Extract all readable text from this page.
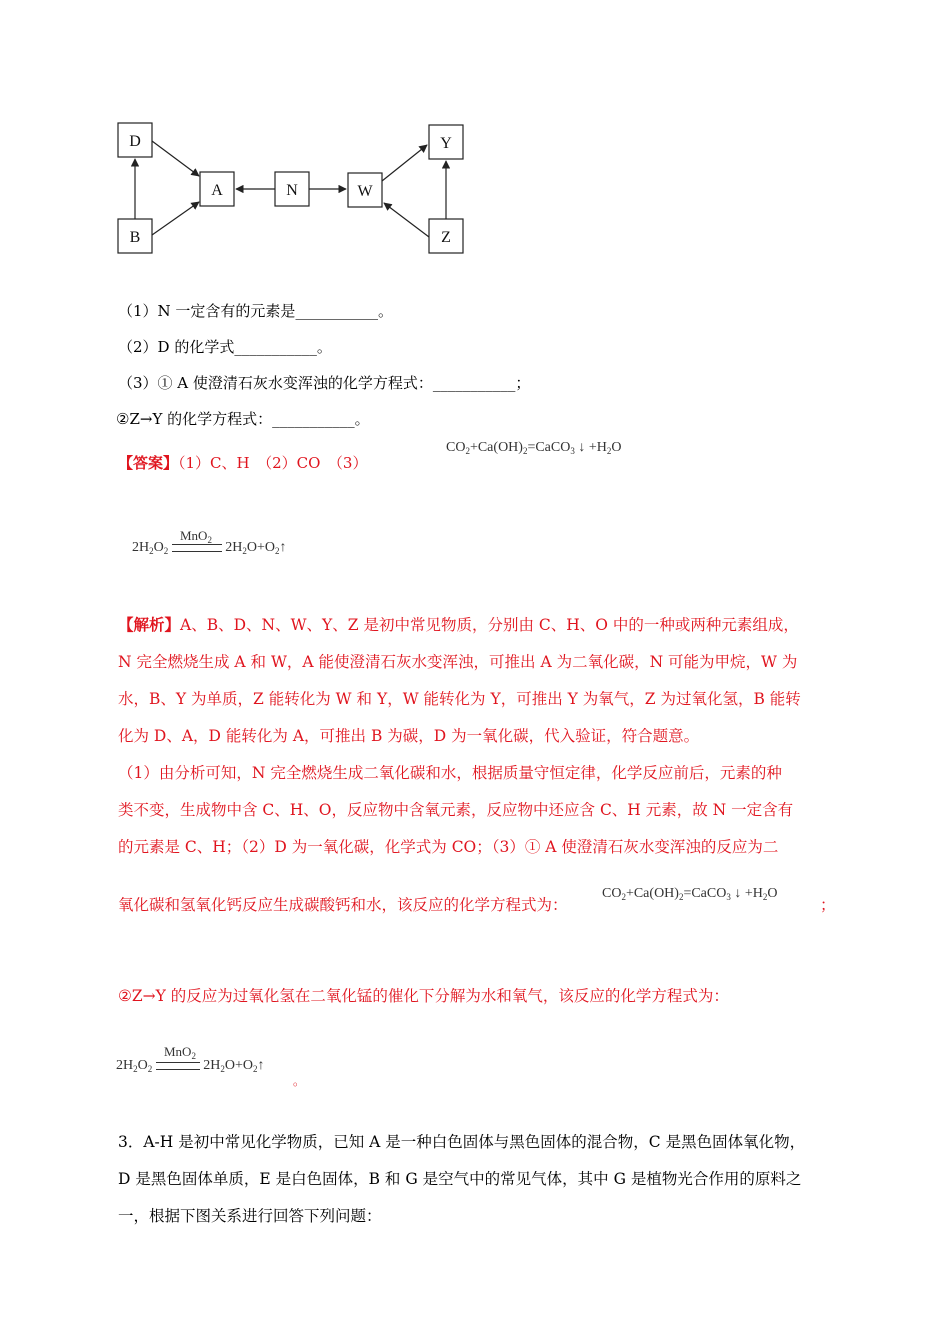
D
B
A	N	W
Y
Z
（1）N 一定含有的元素是___________。
（2）D 的化学式___________。
（3）① A 使澄清石灰水变浑浊的化学方程式：___________；
②Z→Y 的化学方程式：___________。
【答案】（1）C、H　（2）CO　（3）
$CO_2+Ca(OH)_2=CaCO_3$ ↓ $+H_2O$
MnO$_2$
$2H_2O_2$	$2H_2O+O_2↑$
【解析】A、B、D、N、W、Y、Z 是初中常见物质，分别由 C、H、O 中的一种或两种元素组成，
N 完全燃烧生成 A 和 W，A 能使澄清石灰水变浑浊，可推出 A 为二氧化碳，N 可能为甲烷，W 为
水，B、Y 为单质，Z 能转化为 W 和 Y，W 能转化为 Y，可推出 Y 为氧气，Z 为过氧化氢，B 能转
化为 D、A，D 能转化为 A，可推出 B 为碳，D 为一氧化碳，代入验证，符合题意。
（1）由分析可知，N 完全燃烧生成二氧化碳和水，根据质量守恒定律，化学反应前后，元素的种
类不变，生成物中含 C、H、O，反应物中含氧元素，反应物中还应含 C、H 元素，故 N 一定含有
的元素是 C、H；（2）D 为一氧化碳，化学式为 CO；（3）① A 使澄清石灰水变浑浊的反应为二
氧化碳和氢氧化钙反应生成碳酸钙和水，该反应的化学方程式为：
$CO_2+Ca(OH)_2=CaCO_3$ ↓ $+H_2O$
；
②Z→Y 的反应为过氧化氢在二氧化锰的催化下分解为水和氧气，该反应的化学方程式为：
MnO$_2$
$2H_2O_2$	$2H_2O+O_2↑$
。
3．A-H 是初中常见化学物质，已知 A 是一种白色固体与黑色固体的混合物，C 是黑色固体氧化物，
D 是黑色固体单质，E 是白色固体，B 和 G 是空气中的常见气体，其中 G 是植物光合作用的原料之
一，根据下图关系进行回答下列问题：
